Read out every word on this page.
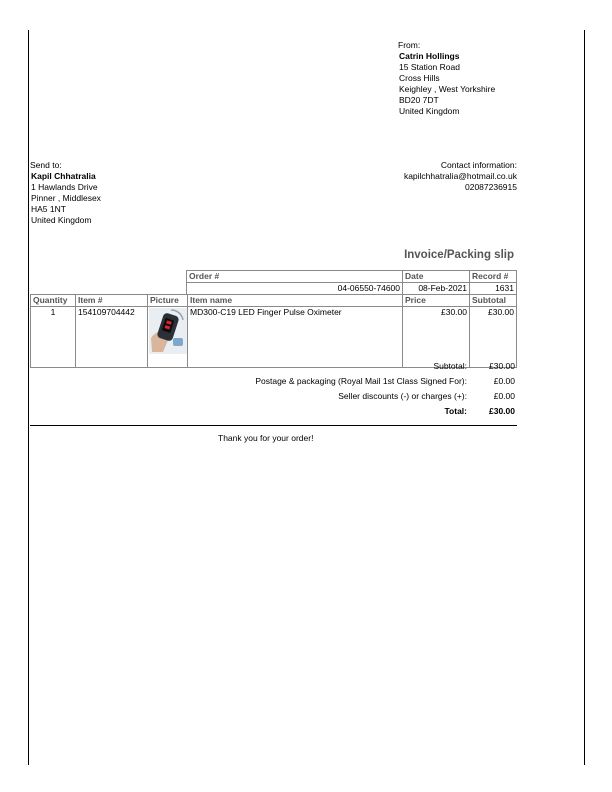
From:
Catrin Hollings
15 Station Road
Cross Hills
Keighley , West Yorkshire
BD20 7DT
United Kingdom
Send to:
Kapil Chhatralia
1 Hawlands Drive
Pinner , Middlesex
HA5 1NT
United Kingdom
Contact information:
kapilchhatralia@hotmail.co.uk
02087236915
Invoice/Packing slip
Order #	Date	Record #
04-06550-74600	08-Feb-2021	1631
Quantity	Item #	Picture	Item name	Price	Subtotal
1	154109704442		MD300-C19 LED Finger Pulse Oximeter	£30.00	£30.00
Subtotal:	£30.00
Postage & packaging (Royal Mail 1st Class Signed For):	£0.00
Seller discounts (-) or charges (+):	£0.00
Total:	£30.00
Thank you for your order!
